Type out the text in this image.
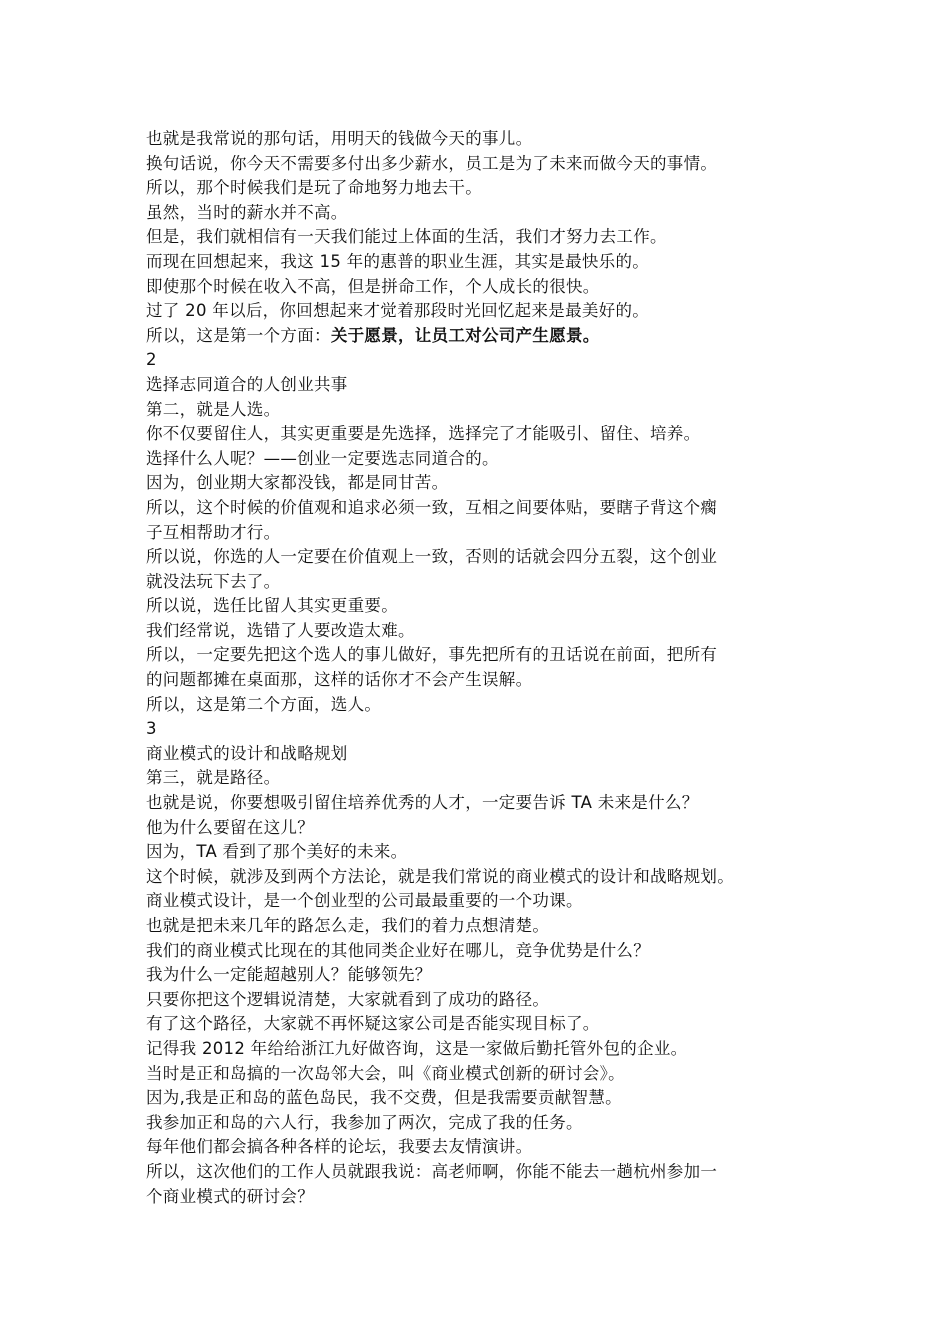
也就是我常说的那句话，用明天的钱做今天的事儿。
换句话说，你今天不需要多付出多少薪水，员工是为了未来而做今天的事情。
所以，那个时候我们是玩了命地努力地去干。
虽然，当时的薪水并不高。
但是，我们就相信有一天我们能过上体面的生活，我们才努力去工作。
而现在回想起来，我这 15 年的惠普的职业生涯，其实是最快乐的。
即使那个时候在收入不高，但是拼命工作，个人成长的很快。
过了 20 年以后，你回想起来才觉着那段时光回忆起来是最美好的。
所以，这是第一个方面：关于愿景，让员工对公司产生愿景。
2
选择志同道合的人创业共事
第二，就是人选。
你不仅要留住人，其实更重要是先选择，选择完了才能吸引、留住、培养。
选择什么人呢？——创业一定要选志同道合的。
因为，创业期大家都没钱，都是同甘苦。
所以，这个时候的价值观和追求必须一致，互相之间要体贴，要瞎子背这个瘸
子互相帮助才行。
所以说，你选的人一定要在价值观上一致，否则的话就会四分五裂，这个创业
就没法玩下去了。
所以说，选任比留人其实更重要。
我们经常说，选错了人要改造太难。
所以，一定要先把这个选人的事儿做好，事先把所有的丑话说在前面，把所有
的问题都摊在桌面那，这样的话你才不会产生误解。
所以，这是第二个方面，选人。
3
商业模式的设计和战略规划
第三，就是路径。
也就是说，你要想吸引留住培养优秀的人才，一定要告诉 TA 未来是什么？
他为什么要留在这儿？
因为，TA 看到了那个美好的未来。
这个时候，就涉及到两个方法论，就是我们常说的商业模式的设计和战略规划。
商业模式设计，是一个创业型的公司最最重要的一个功课。
也就是把未来几年的路怎么走，我们的着力点想清楚。
我们的商业模式比现在的其他同类企业好在哪儿，竞争优势是什么？
我为什么一定能超越别人？能够领先？
只要你把这个逻辑说清楚，大家就看到了成功的路径。
有了这个路径，大家就不再怀疑这家公司是否能实现目标了。
记得我 2012 年给给浙江九好做咨询，这是一家做后勤托管外包的企业。
当时是正和岛搞的一次岛邻大会，叫《商业模式创新的研讨会》。
因为,我是正和岛的蓝色岛民，我不交费，但是我需要贡献智慧。
我参加正和岛的六人行，我参加了两次，完成了我的任务。
每年他们都会搞各种各样的论坛，我要去友情演讲。
所以，这次他们的工作人员就跟我说：高老师啊，你能不能去一趟杭州参加一
个商业模式的研讨会？
